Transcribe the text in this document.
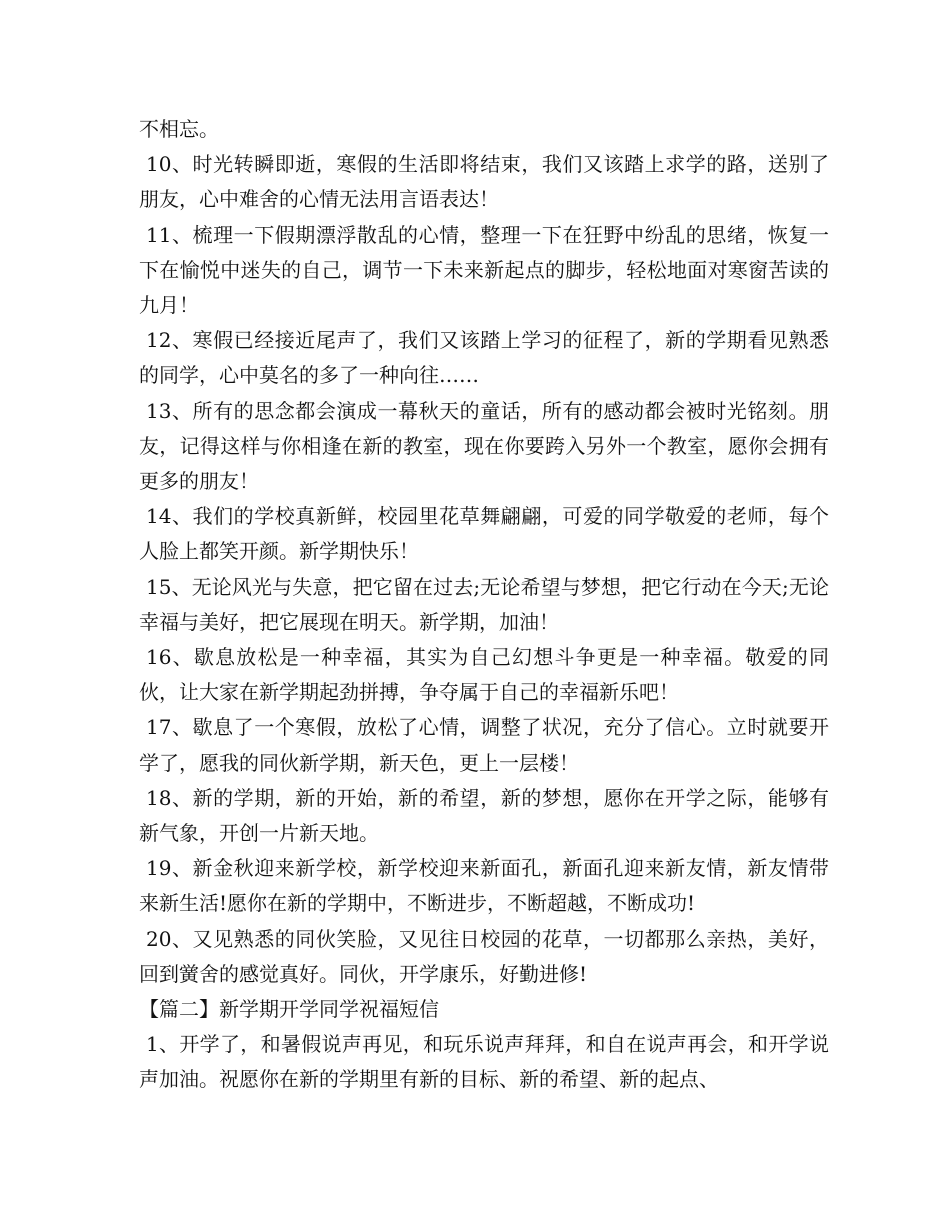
不相忘。

10、时光转瞬即逝，寒假的生活即将结束，我们又该踏上求学的路，送别了朋友，心中难舍的心情无法用言语表达！

11、梳理一下假期漂浮散乱的心情，整理一下在狂野中纷乱的思绪，恢复一下在愉悦中迷失的自己，调节一下未来新起点的脚步，轻松地面对寒窗苦读的九月！

12、寒假已经接近尾声了，我们又该踏上学习的征程了，新的学期看见熟悉的同学，心中莫名的多了一种向往……

13、所有的思念都会演成一幕秋天的童话，所有的感动都会被时光铭刻。朋友，记得这样与你相逢在新的教室，现在你要跨入另外一个教室，愿你会拥有更多的朋友！

14、我们的学校真新鲜，校园里花草舞翩翩，可爱的同学敬爱的老师，每个人脸上都笑开颜。新学期快乐！

15、无论风光与失意，把它留在过去;无论希望与梦想，把它行动在今天;无论幸福与美好，把它展现在明天。新学期，加油！

16、歇息放松是一种幸福，其实为自己幻想斗争更是一种幸福。敬爱的同伙，让大家在新学期起劲拼搏，争夺属于自己的幸福新乐吧！

17、歇息了一个寒假，放松了心情，调整了状况，充分了信心。立时就要开学了，愿我的同伙新学期，新天色，更上一层楼！

18、新的学期，新的开始，新的希望，新的梦想，愿你在开学之际，能够有新气象，开创一片新天地。

19、新金秋迎来新学校，新学校迎来新面孔，新面孔迎来新友情，新友情带来新生活!愿你在新的学期中，不断进步，不断超越，不断成功!

20、又见熟悉的同伙笑脸，又见往日校园的花草，一切都那么亲热，美好，回到黉舍的感觉真好。同伙，开学康乐，好勤进修!

【篇二】新学期开学同学祝福短信

1、开学了，和暑假说声再见，和玩乐说声拜拜，和自在说声再会，和开学说声加油。祝愿你在新的学期里有新的目标、新的希望、新的起点、
